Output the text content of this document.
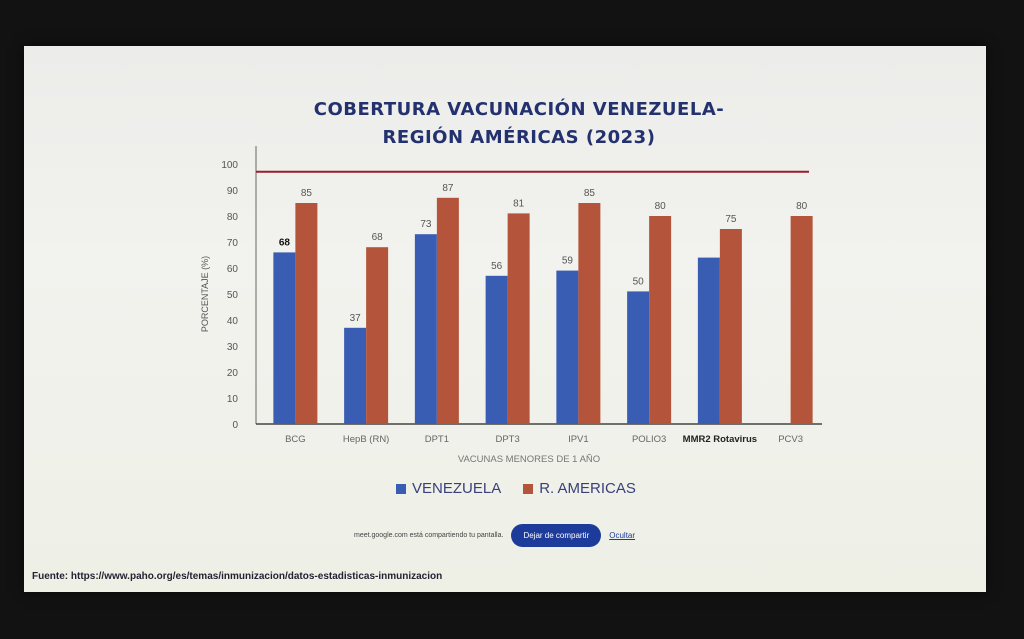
COBERTURA VACUNACIÓN VENEZUELA-
REGIÓN AMÉRICAS (2023)
0
10
20
30
40
50
60
70
80
90
100
PORCENTAJE (%)
68
85
BCG
37
68
HepB (RN)
73
87
DPT1
56
81
DPT3
59
85
IPV1
50
80
POLIO3
75
MMR2 Rotavirus
80
PCV3
VACUNAS MENORES DE 1 AÑO
VENEZUELA	R. AMERICAS
meet.google.com está compartiendo tu pantalla.	Dejar de compartir	Ocultar
Fuente: https://www.paho.org/es/temas/inmunizacion/datos-estadisticas-inmunizacion
